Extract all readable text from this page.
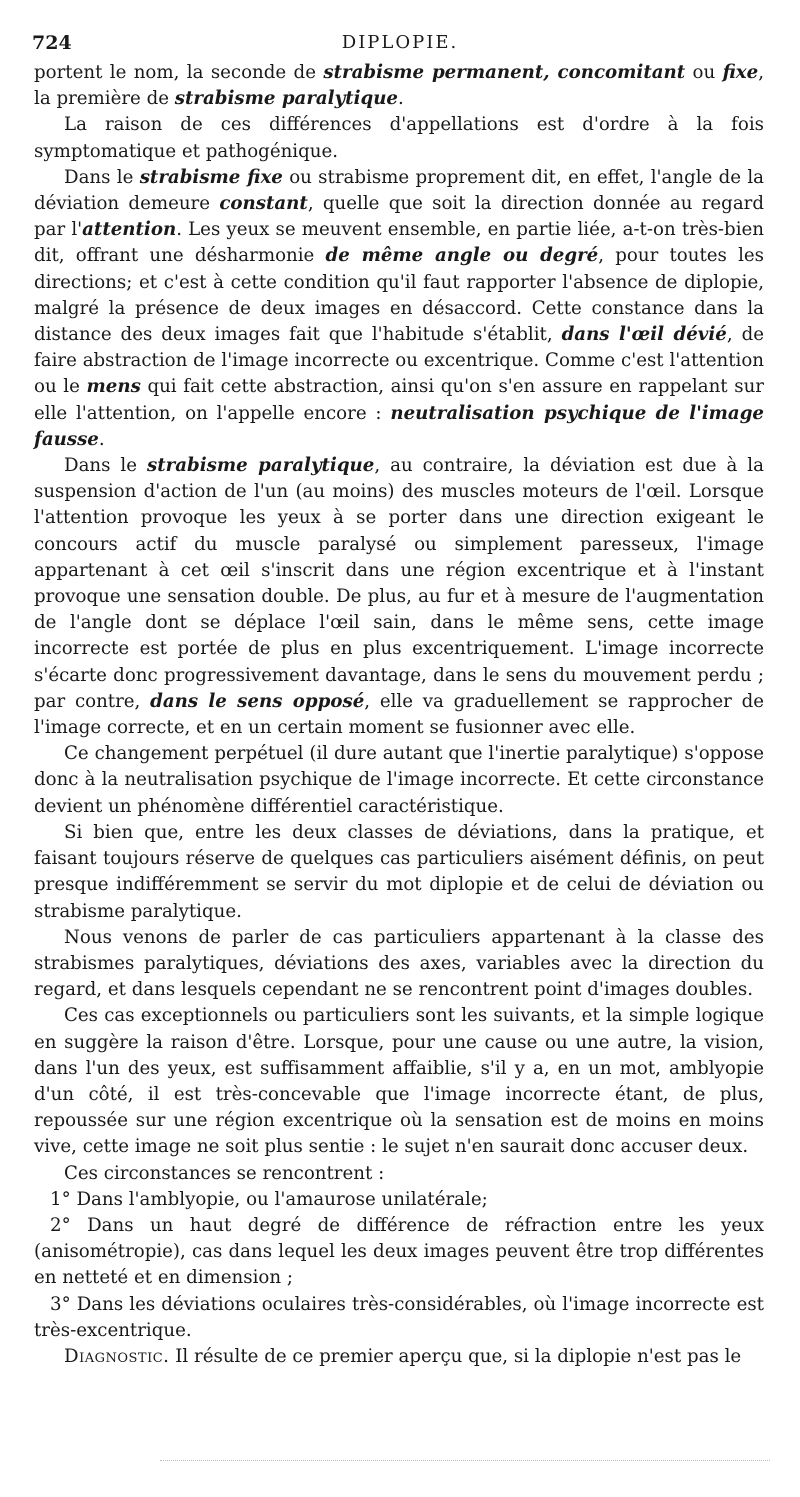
724	DIPLOPIE.

portent le nom, la seconde de strabisme permanent, concomitant ou fixe, la première de strabisme paralytique.

La raison de ces différences d'appellations est d'ordre à la fois symptomatique et pathogénique.

Dans le strabisme fixe ou strabisme proprement dit, en effet, l'angle de la déviation demeure constant, quelle que soit la direction donnée au regard par l'attention. Les yeux se meuvent ensemble, en partie liée, a-t-on très-bien dit, offrant une désharmonie de même angle ou degré, pour toutes les directions; et c'est à cette condition qu'il faut rapporter l'absence de diplopie, malgré la présence de deux images en désaccord. Cette constance dans la distance des deux images fait que l'habitude s'établit, dans l'œil dévié, de faire abstraction de l'image incorrecte ou excentrique. Comme c'est l'attention ou le mens qui fait cette abstraction, ainsi qu'on s'en assure en rappelant sur elle l'attention, on l'appelle encore : neutralisation psychique de l'image fausse.

Dans le strabisme paralytique, au contraire, la déviation est due à la suspension d'action de l'un (au moins) des muscles moteurs de l'œil. Lorsque l'attention provoque les yeux à se porter dans une direction exigeant le concours actif du muscle paralysé ou simplement paresseux, l'image appartenant à cet œil s'inscrit dans une région excentrique et à l'instant provoque une sensation double. De plus, au fur et à mesure de l'augmentation de l'angle dont se déplace l'œil sain, dans le même sens, cette image incorrecte est portée de plus en plus excentriquement. L'image incorrecte s'écarte donc progressivement davantage, dans le sens du mouvement perdu ; par contre, dans le sens opposé, elle va graduellement se rapprocher de l'image correcte, et en un certain moment se fusionner avec elle.

Ce changement perpétuel (il dure autant que l'inertie paralytique) s'oppose donc à la neutralisation psychique de l'image incorrecte. Et cette circonstance devient un phénomène différentiel caractéristique.

Si bien que, entre les deux classes de déviations, dans la pratique, et faisant toujours réserve de quelques cas particuliers aisément définis, on peut presque indifféremment se servir du mot diplopie et de celui de déviation ou strabisme paralytique.

Nous venons de parler de cas particuliers appartenant à la classe des strabismes paralytiques, déviations des axes, variables avec la direction du regard, et dans lesquels cependant ne se rencontrent point d'images doubles.

Ces cas exceptionnels ou particuliers sont les suivants, et la simple logique en suggère la raison d'être. Lorsque, pour une cause ou une autre, la vision, dans l'un des yeux, est suffisamment affaiblie, s'il y a, en un mot, amblyopie d'un côté, il est très-concevable que l'image incorrecte étant, de plus, repoussée sur une région excentrique où la sensation est de moins en moins vive, cette image ne soit plus sentie : le sujet n'en saurait donc accuser deux.

Ces circonstances se rencontrent :

1° Dans l'amblyopie, ou l'amaurose unilatérale;

2° Dans un haut degré de différence de réfraction entre les yeux (anisométropie), cas dans lequel les deux images peuvent être trop différentes en netteté et en dimension ;

3° Dans les déviations oculaires très-considérables, où l'image incorrecte est très-excentrique.

Diagnostic. Il résulte de ce premier aperçu que, si la diplopie n'est pas le
